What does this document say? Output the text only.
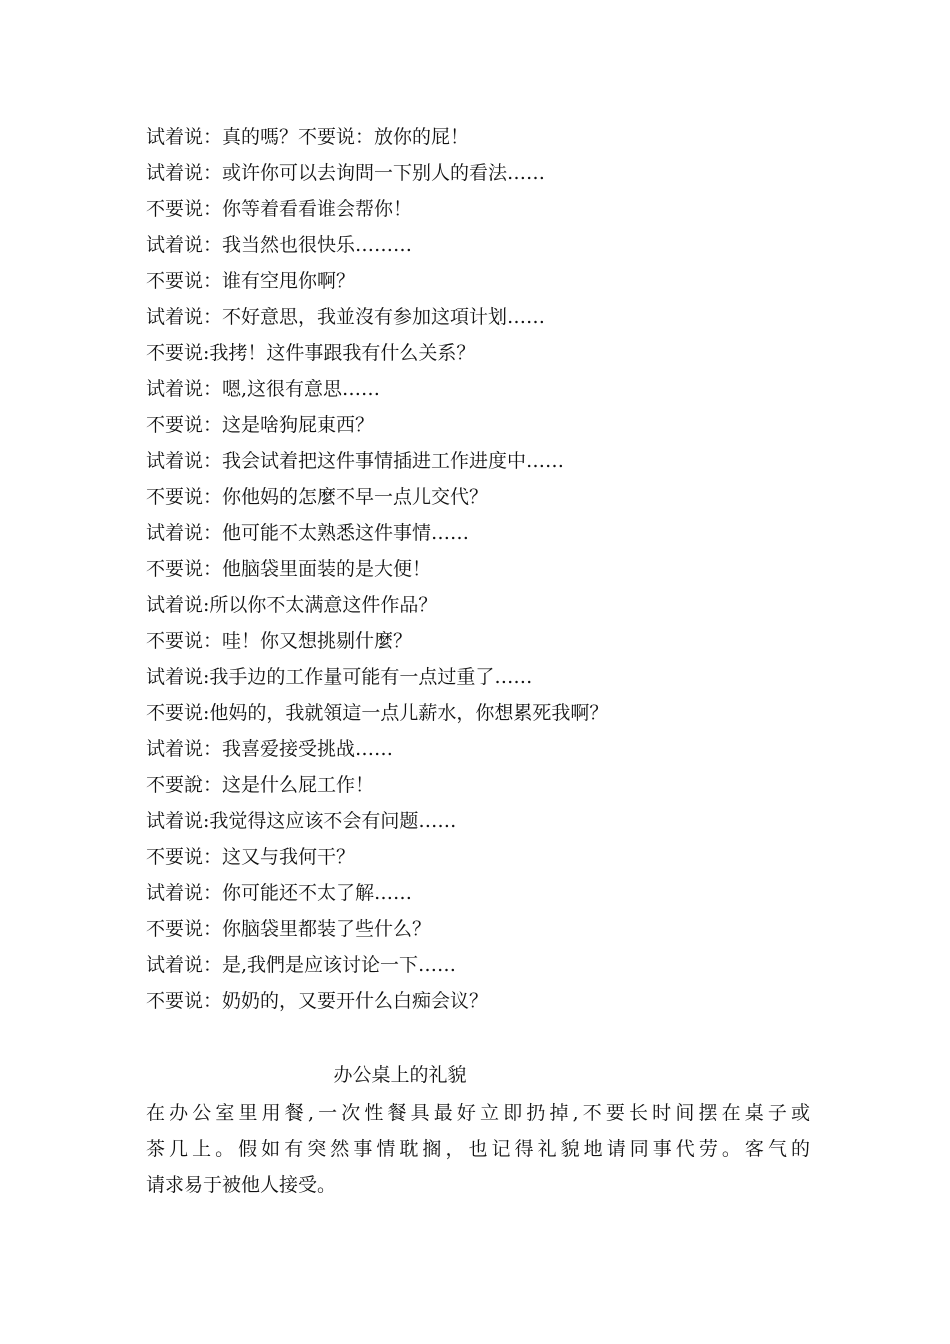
试着说：真的嗎？不要说：放你的屁！
试着说：或许你可以去询問一下别人的看法……
不要说：你等着看看谁会帮你！
试着说：我当然也很快乐………
不要说：谁有空甩你啊？
试着说：不好意思，我並沒有参加这項计划……
不要说:我拷！这件事跟我有什么关系？
试着说：嗯,这很有意思……
不要说：这是啥狗屁東西？
试着说：我会试着把这件事情插进工作进度中……
不要说：你他妈的怎麼不早一点儿交代？
试着说：他可能不太熟悉这件事情……
不要说：他脑袋里面装的是大便！
试着说:所以你不太满意这件作品？
不要说：哇！你又想挑剔什麼？
试着说:我手边的工作量可能有一点过重了……
不要说:他妈的，我就領這一点儿薪水，你想累死我啊？
试着说：我喜爱接受挑战……
不要說：这是什么屁工作！
试着说:我觉得这应该不会有问题……
不要说：这又与我何干？
试着说：你可能还不太了解……
不要说：你脑袋里都装了些什么？
试着说：是,我們是应该讨论一下……
不要说：奶奶的，又要开什么白痴会议？
办公桌上的礼貌
在办公室里用餐,一次性餐具最好立即扔掉,不要长时间摆在桌子或
茶几上。假如有突然事情耽搁，也记得礼貌地请同事代劳。客气的
请求易于被他人接受。
